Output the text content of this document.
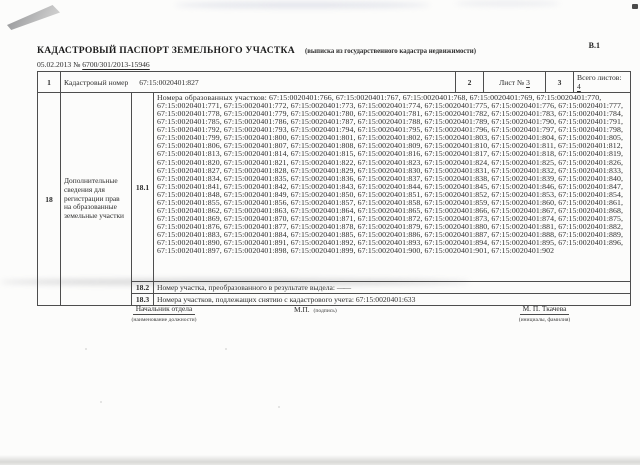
КАДАСТРОВЫЙ ПАСПОРТ ЗЕМЕЛЬНОГО УЧАСТКА (выписка из государственного кадастра недвижимости)
В.1
05.02.2013 № 6700/301/2013-15946
1	Кадастровый номер 67:15:0020401:827	2	Лист № 3	3	Всего листов: 4
18	Дополнительные сведения для регистрации прав на образованные земельные участки	18.1	Номера образованных участков: 67:15:0020401:766, 67:15:0020401:767, 67:15:0020401:768, 67:15:0020401:769, 67:15:0020401:770, 67:15:0020401:771, 67:15:0020401:772, 67:15:0020401:773, 67:15:0020401:774, 67:15:0020401:775, 67:15:0020401:776, 67:15:0020401:777, 67:15:0020401:778, 67:15:0020401:779, 67:15:0020401:780, 67:15:0020401:781, 67:15:0020401:782, 67:15:0020401:783, 67:15:0020401:784, 67:15:0020401:785, 67:15:0020401:786, 67:15:0020401:787, 67:15:0020401:788, 67:15:0020401:789, 67:15:0020401:790, 67:15:0020401:791, 67:15:0020401:792, 67:15:0020401:793, 67:15:0020401:794, 67:15:0020401:795, 67:15:0020401:796, 67:15:0020401:797, 67:15:0020401:798, 67:15:0020401:799, 67:15:0020401:800, 67:15:0020401:801, 67:15:0020401:802, 67:15:0020401:803, 67:15:0020401:804, 67:15:0020401:805, 67:15:0020401:806, 67:15:0020401:807, 67:15:0020401:808, 67:15:0020401:809, 67:15:0020401:810, 67:15:0020401:811, 67:15:0020401:812, 67:15:0020401:813, 67:15:0020401:814, 67:15:0020401:815, 67:15:0020401:816, 67:15:0020401:817, 67:15:0020401:818, 67:15:0020401:819, 67:15:0020401:820, 67:15:0020401:821, 67:15:0020401:822, 67:15:0020401:823, 67:15:0020401:824, 67:15:0020401:825, 67:15:0020401:826, 67:15:0020401:827, 67:15:0020401:828, 67:15:0020401:829, 67:15:0020401:830, 67:15:0020401:831, 67:15:0020401:832, 67:15:0020401:833, 67:15:0020401:834, 67:15:0020401:835, 67:15:0020401:836, 67:15:0020401:837, 67:15:0020401:838, 67:15:0020401:839, 67:15:0020401:840, 67:15:0020401:841, 67:15:0020401:842, 67:15:0020401:843, 67:15:0020401:844, 67:15:0020401:845, 67:15:0020401:846, 67:15:0020401:847, 67:15:0020401:848, 67:15:0020401:849, 67:15:0020401:850, 67:15:0020401:851, 67:15:0020401:852, 67:15:0020401:853, 67:15:0020401:854, 67:15:0020401:855, 67:15:0020401:856, 67:15:0020401:857, 67:15:0020401:858, 67:15:0020401:859, 67:15:0020401:860, 67:15:0020401:861, 67:15:0020401:862, 67:15:0020401:863, 67:15:0020401:864, 67:15:0020401:865, 67:15:0020401:866, 67:15:0020401:867, 67:15:0020401:868, 67:15:0020401:869, 67:15:0020401:870, 67:15:0020401:871, 67:15:0020401:872, 67:15:0020401:873, 67:15:0020401:874, 67:15:0020401:875, 67:15:0020401:876, 67:15:0020401:877, 67:15:0020401:878, 67:15:0020401:879, 67:15:0020401:880, 67:15:0020401:881, 67:15:0020401:882, 67:15:0020401:883, 67:15:0020401:884, 67:15:0020401:885, 67:15:0020401:886, 67:15:0020401:887, 67:15:0020401:888, 67:15:0020401:889, 67:15:0020401:890, 67:15:0020401:891, 67:15:0020401:892, 67:15:0020401:893, 67:15:0020401:894, 67:15:0020401:895, 67:15:0020401:896, 67:15:0020401:897, 67:15:0020401:898, 67:15:0020401:899, 67:15:0020401:900, 67:15:0020401:901, 67:15:0020401:902
		18.2	Номер участка, преобразованного в результате выдела: ——
		18.3	Номера участков, подлежащих снятию с кадастрового учета: 67:15:0020401:633
Начальник отдела
(наименование должности)
М.П. (подпись)	М. П. Ткачева
(инициалы, фамилия)
